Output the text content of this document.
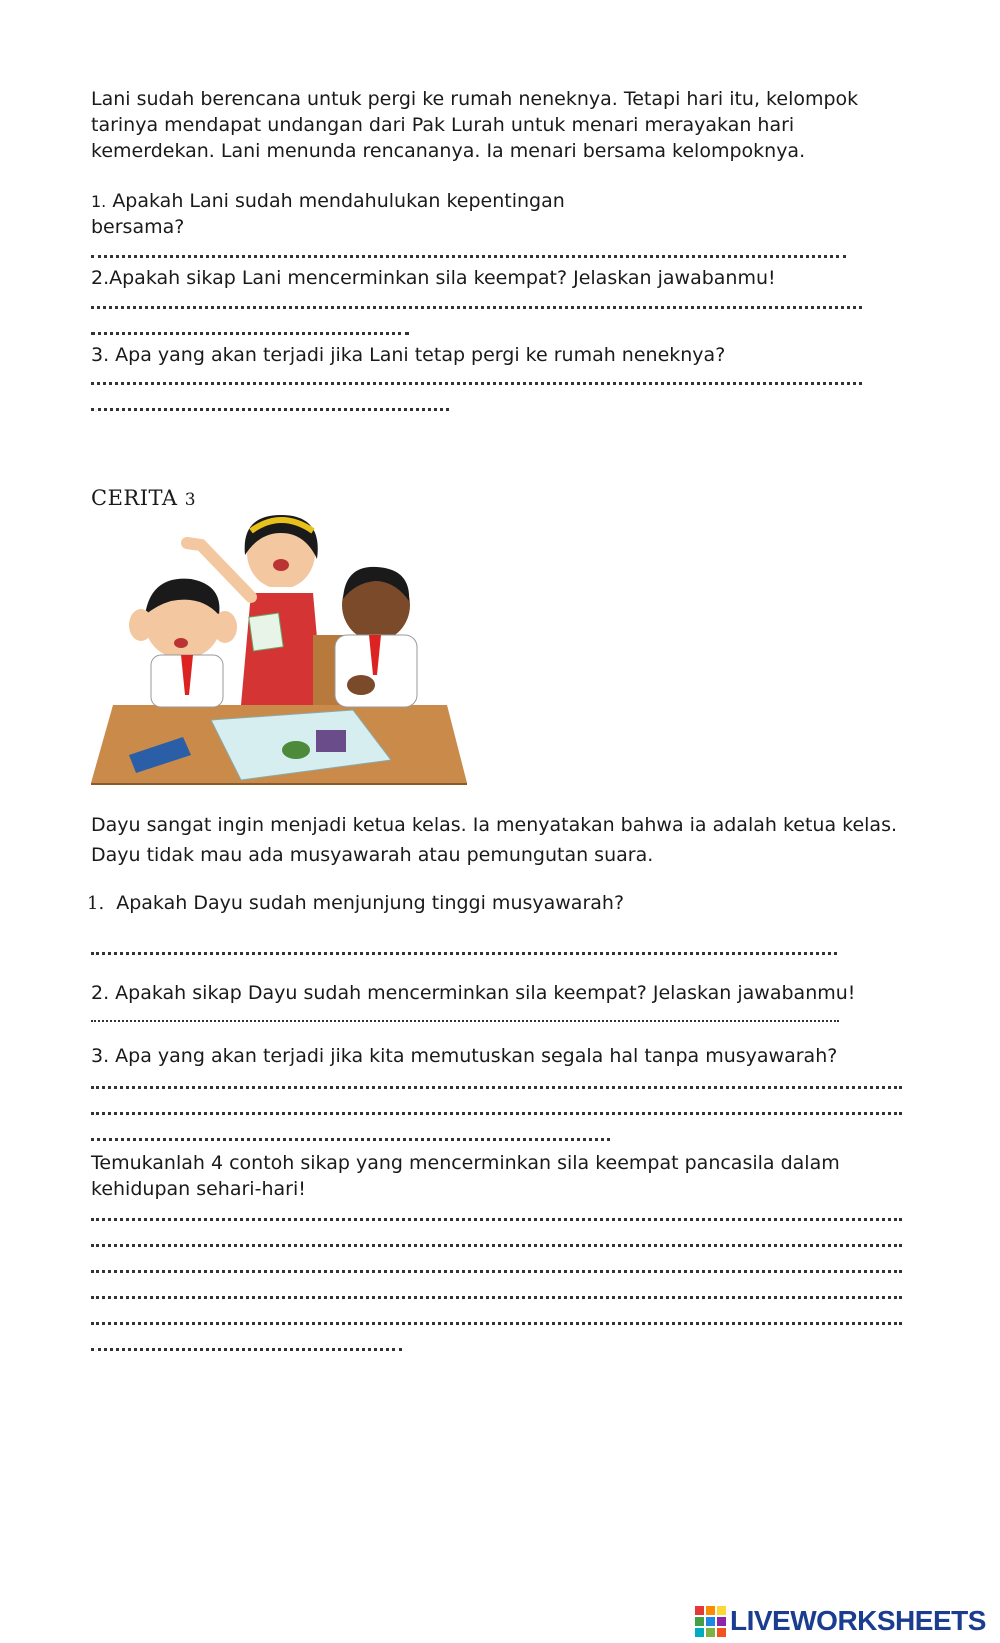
Lani sudah berencana untuk pergi ke rumah neneknya. Tetapi hari itu, kelompok tarinya mendapat undangan dari Pak Lurah untuk menari merayakan hari kemerdekan. Lani menunda rencananya. Ia menari bersama kelompoknya.

1. Apakah Lani sudah mendahulukan kepentingan

bersama?

2.Apakah sikap Lani mencerminkan sila keempat? Jelaskan jawabanmu!

3. Apa yang akan terjadi jika Lani tetap pergi ke rumah neneknya?

CERITA 3

Dayu sangat ingin menjadi ketua kelas. Ia menyatakan bahwa ia adalah ketua kelas.

Dayu tidak mau ada musyawarah atau pemungutan suara.

1. Apakah Dayu sudah menjunjung tinggi musyawarah?

2. Apakah sikap Dayu sudah mencerminkan sila keempat? Jelaskan jawabanmu!

3. Apa yang akan terjadi jika kita memutuskan segala hal tanpa musyawarah?

Temukanlah 4 contoh sikap yang mencerminkan sila keempat pancasila dalam

kehidupan sehari-hari!

LIVEWORKSHEETS
